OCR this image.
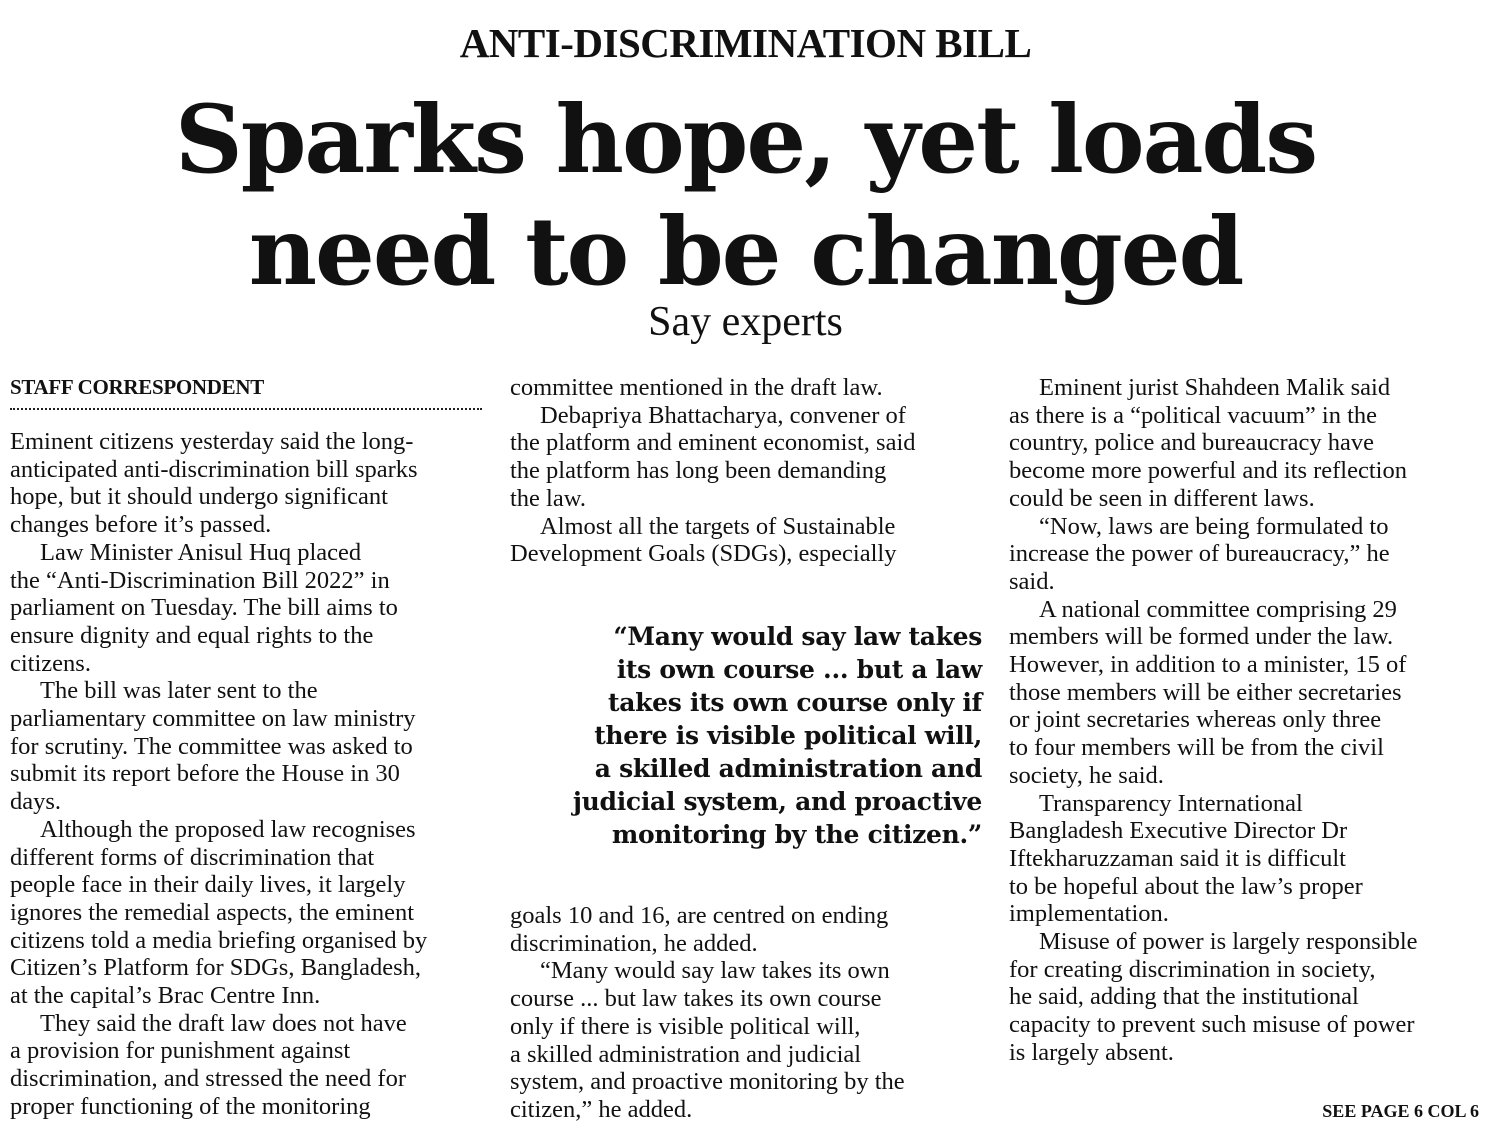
ANTI-DISCRIMINATION BILL
Sparks hope, yet loads
need to be changed
Say experts
STAFF CORRESPONDENT

Eminent citizens yesterday said the long-

anticipated anti-discrimination bill sparks

hope, but it should undergo significant

changes before it’s passed.

Law Minister Anisul Huq placed

the “Anti-Discrimination Bill 2022” in

parliament on Tuesday. The bill aims to

ensure dignity and equal rights to the

citizens.

The bill was later sent to the

parliamentary committee on law ministry

for scrutiny. The committee was asked to

submit its report before the House in 30

days.

Although the proposed law recognises

different forms of discrimination that

people face in their daily lives, it largely

ignores the remedial aspects, the eminent

citizens told a media briefing organised by

Citizen’s Platform for SDGs, Bangladesh,

at the capital’s Brac Centre Inn.

They said the draft law does not have

a provision for punishment against

discrimination, and stressed the need for

proper functioning of the monitoring

committee mentioned in the draft law.

Debapriya Bhattacharya, convener of

the platform and eminent economist, said

the platform has long been demanding

the law.

Almost all the targets of Sustainable

Development Goals (SDGs), especially

goals 10 and 16, are centred on ending

discrimination, he added.

“Many would say law takes its own

course ... but law takes its own course

only if there is visible political will,

a skilled administration and judicial

system, and proactive monitoring by the

citizen,” he added.

Eminent jurist Shahdeen Malik said

as there is a “political vacuum” in the

country, police and bureaucracy have

become more powerful and its reflection

could be seen in different laws.

“Now, laws are being formulated to

increase the power of bureaucracy,” he

said.

A national committee comprising 29

members will be formed under the law.

However, in addition to a minister, 15 of

those members will be either secretaries

or joint secretaries whereas only three

to four members will be from the civil

society, he said.

Transparency International

Bangladesh Executive Director Dr

Iftekharuzzaman said it is difficult

to be hopeful about the law’s proper

implementation.

Misuse of power is largely responsible

for creating discrimination in society,

he said, adding that the institutional

capacity to prevent such misuse of power

is largely absent.

“Many would say law takes
its own course ... but a law
takes its own course only if
there is visible political will,
a skilled administration and
judicial system, and proactive
monitoring by the citizen.”
SEE PAGE 6 COL 6
